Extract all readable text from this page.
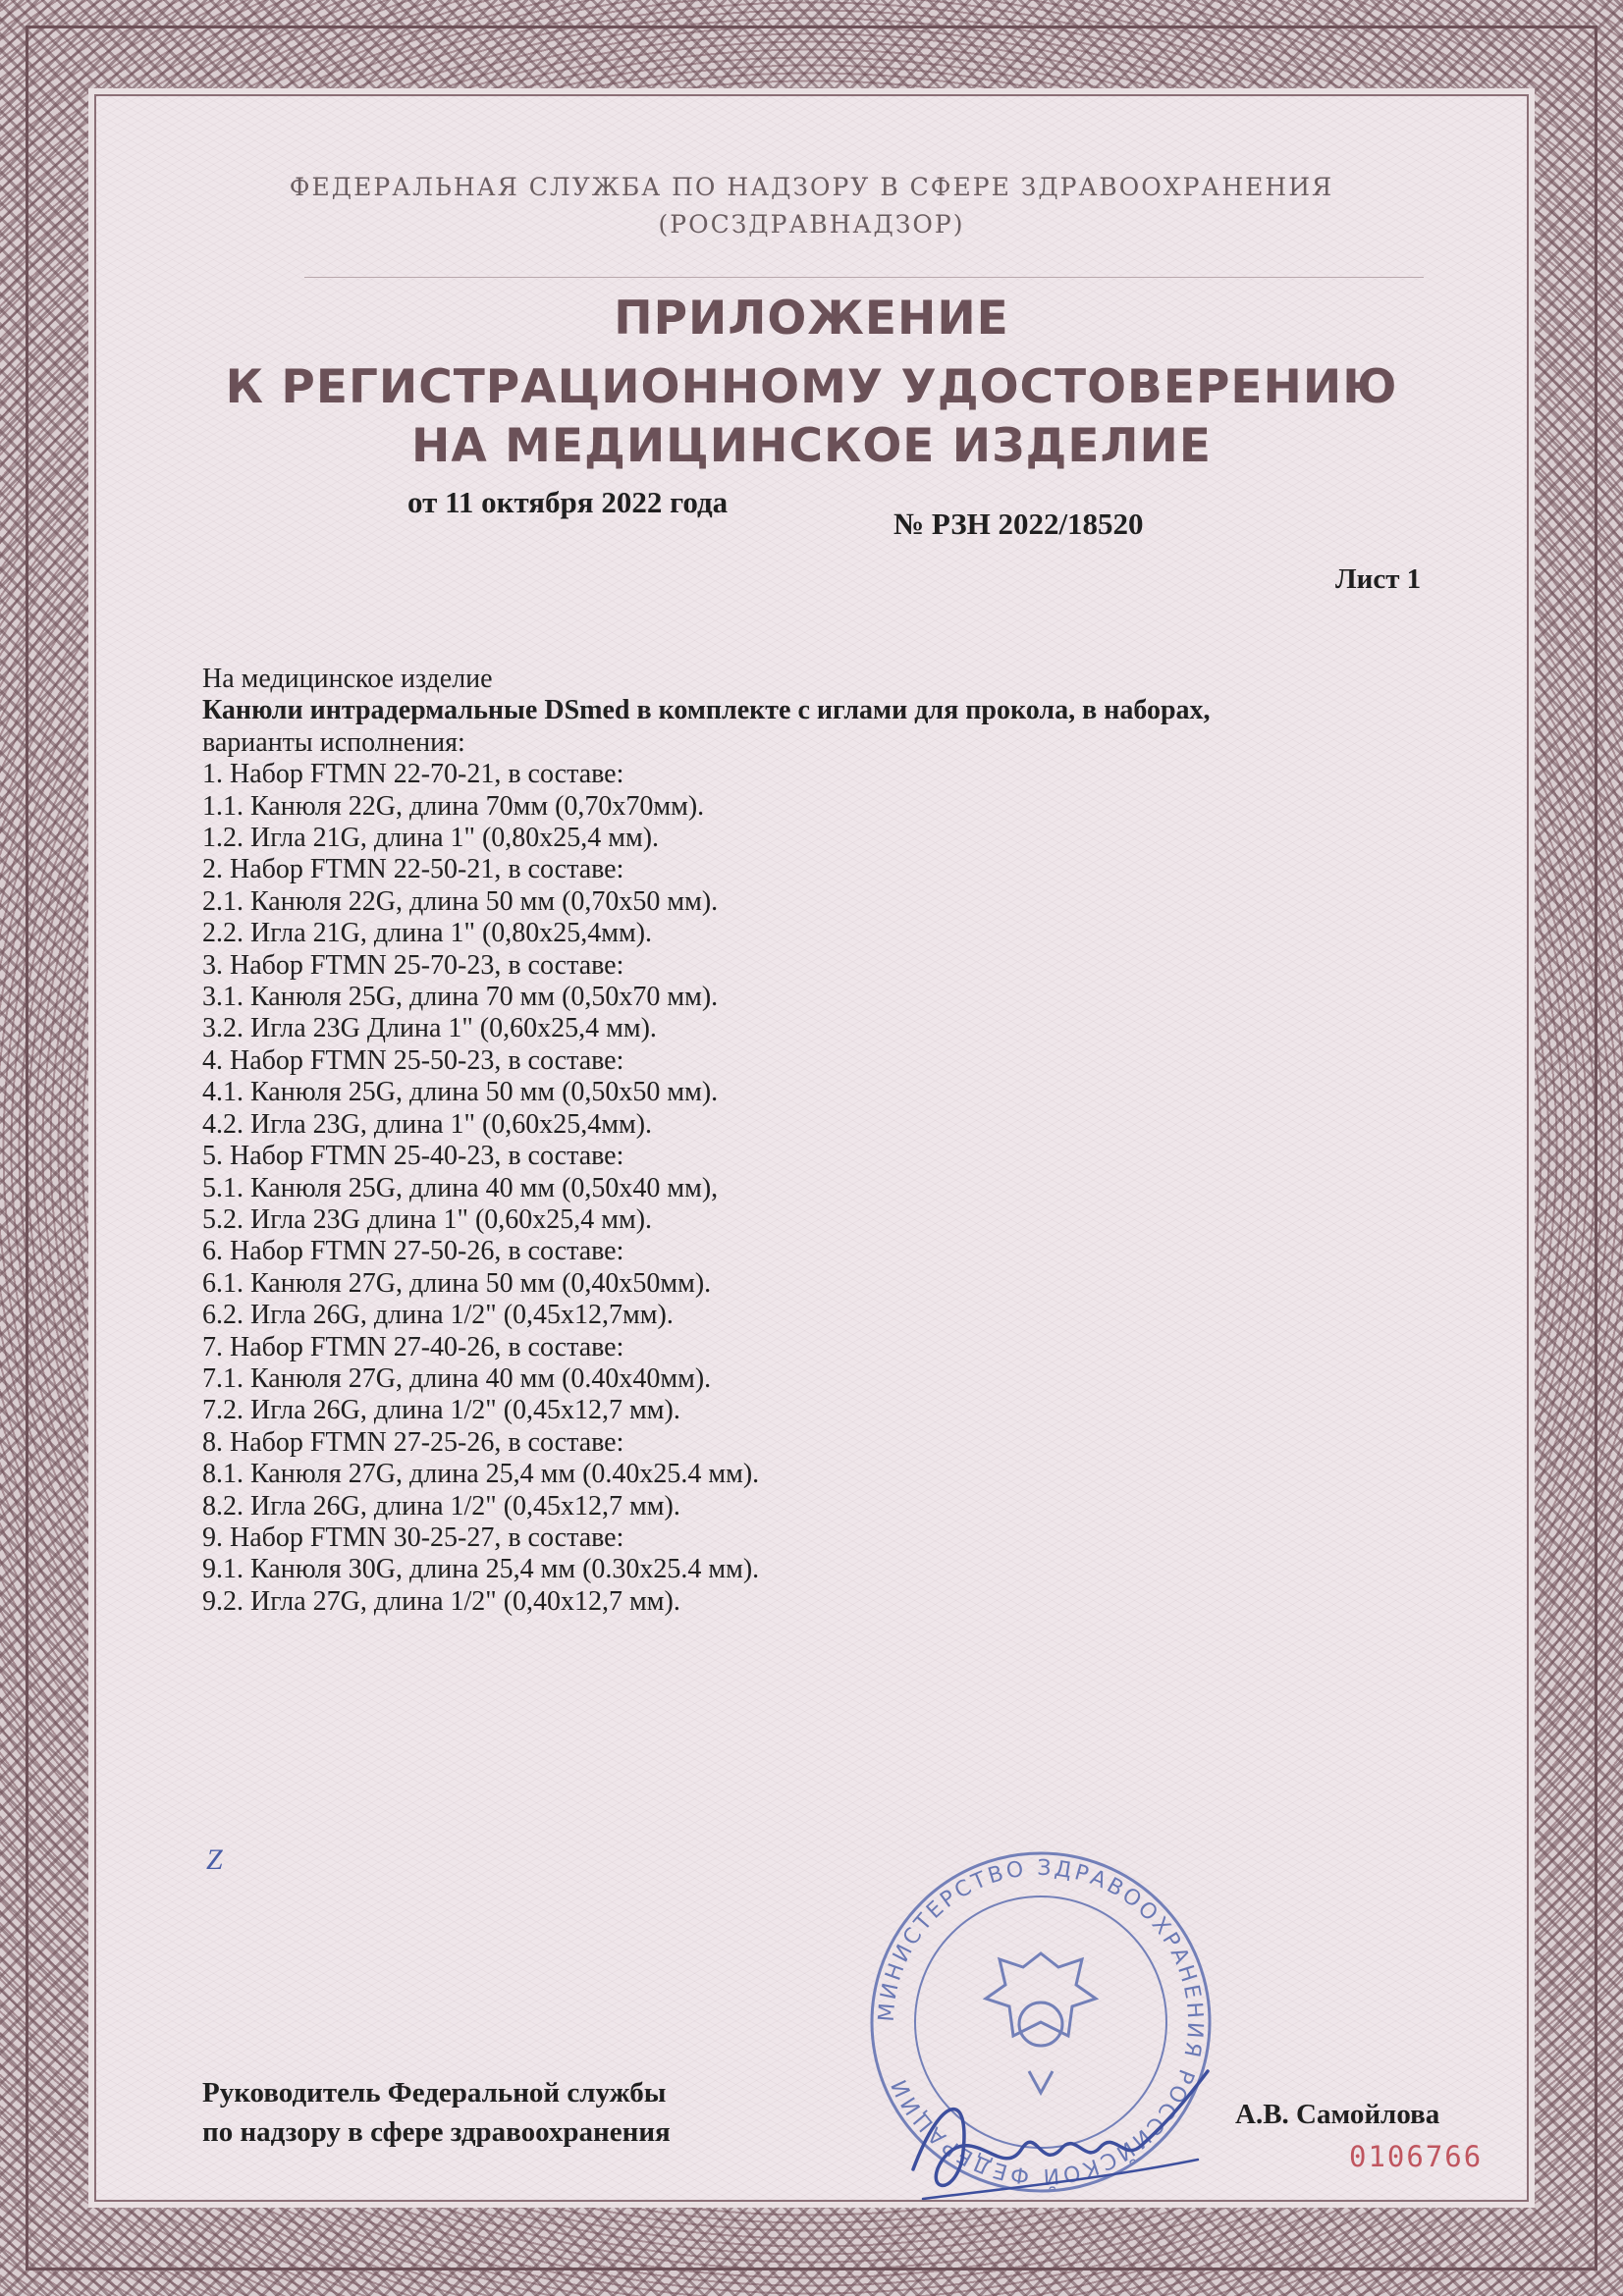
ФЕДЕРАЛЬНАЯ СЛУЖБА ПО НАДЗОРУ В СФЕРЕ ЗДРАВООХРАНЕНИЯ
(РОСЗДРАВНАДЗОР)
ПРИЛОЖЕНИЕ
К РЕГИСТРАЦИОННОМУ УДОСТОВЕРЕНИЮ
НА МЕДИЦИНСКОЕ ИЗДЕЛИЕ
от 11 октября 2022 года
№ РЗН 2022/18520
Лист 1
На медицинское изделие
Канюли интрадермальные DSmed в комплекте с иглами для прокола, в наборах,
варианты исполнения:
1. Набор FTMN 22-70-21, в составе:
1.1. Канюля 22G, длина 70мм (0,70x70мм).
1.2. Игла 21G, длина 1" (0,80x25,4 мм).
2. Набор FTMN 22-50-21, в составе:
2.1. Канюля 22G, длина 50 мм (0,70x50 мм).
2.2. Игла 21G, длина 1" (0,80x25,4мм).
3. Набор FTMN 25-70-23, в составе:
3.1. Канюля 25G, длина 70 мм (0,50x70 мм).
3.2. Игла 23G Длина 1" (0,60x25,4 мм).
4. Набор FTMN 25-50-23, в составе:
4.1. Канюля 25G, длина 50 мм (0,50x50 мм).
4.2. Игла 23G, длина 1" (0,60x25,4мм).
5. Набор FTMN 25-40-23, в составе:
5.1. Канюля 25G, длина 40 мм (0,50x40 мм),
5.2. Игла 23G длина 1" (0,60x25,4 мм).
6. Набор FTMN 27-50-26, в составе:
6.1. Канюля 27G, длина 50 мм (0,40x50мм).
6.2. Игла 26G, длина 1/2" (0,45x12,7мм).
7. Набор FTMN 27-40-26, в составе:
7.1. Канюля 27G, длина 40 мм (0.40x40мм).
7.2. Игла 26G, длина 1/2" (0,45x12,7 мм).
8. Набор FTMN 27-25-26, в составе:
8.1. Канюля 27G, длина 25,4 мм (0.40x25.4 мм).
8.2. Игла 26G, длина 1/2" (0,45x12,7 мм).
9. Набор FTMN 30-25-27, в составе:
9.1. Канюля 30G, длина 25,4 мм (0.30x25.4 мм).
9.2. Игла 27G, длина 1/2" (0,40x12,7 мм).
Z
МИНИСТЕРСТВО ЗДРАВООХРАНЕНИЯ РОССИЙСКОЙ ФЕДЕРАЦИИ
Руководитель Федеральной службы
по надзору в сфере здравоохранения
А.В. Самойлова
0106766
